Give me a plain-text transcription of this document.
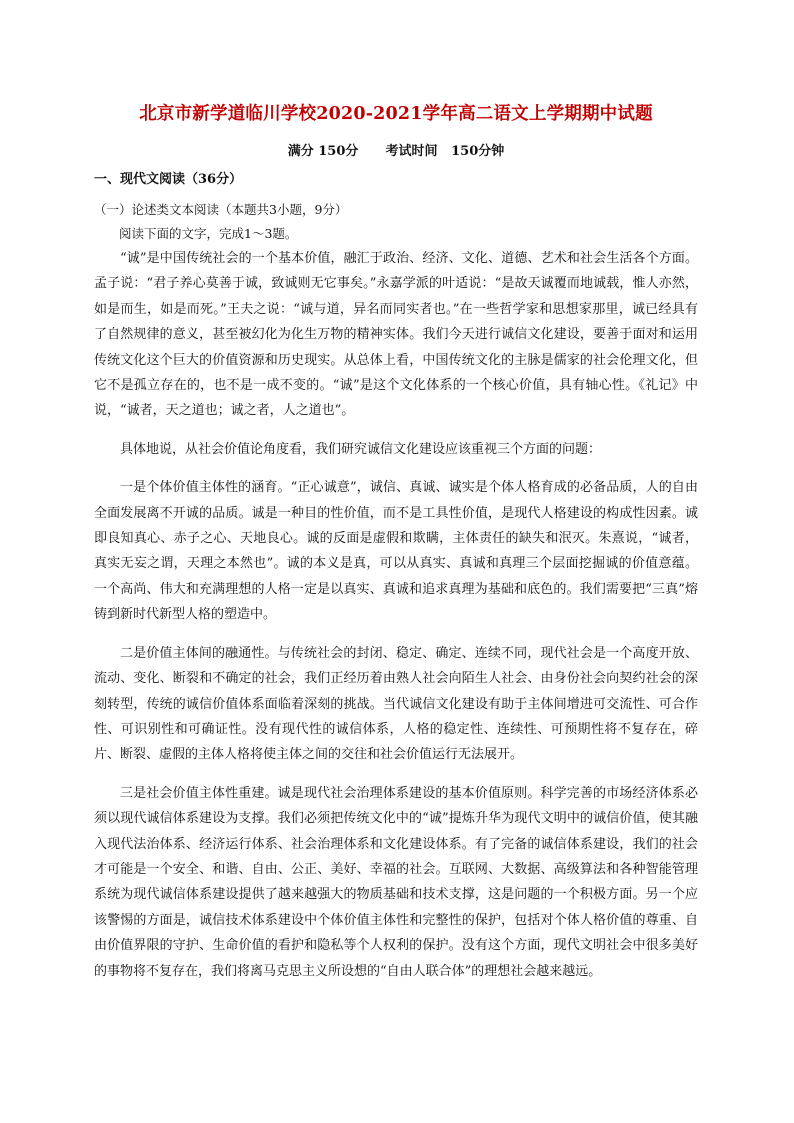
北京市新学道临川学校2020-2021学年高二语文上学期期中试题
满分 150分      考试时间   150分钟
一、现代文阅读（36分）
（一）论述类文本阅读（本题共3小题，9分）
阅读下面的文字，完成1～3题。

“诚”是中国传统社会的一个基本价值，融汇于政治、经济、文化、道德、艺术和社会生活各个方面。孟子说：“君子养心莫善于诚，致诚则无它事矣。”永嘉学派的叶适说：“是故天诚覆而地诚载，惟人亦然，如是而生，如是而死。”王夫之说：“诚与道，异名而同实者也。”在一些哲学家和思想家那里，诚已经具有了自然规律的意义，甚至被幻化为化生万物的精神实体。我们今天进行诚信文化建设，要善于面对和运用传统文化这个巨大的价值资源和历史现实。从总体上看，中国传统文化的主脉是儒家的社会伦理文化，但它不是孤立存在的，也不是一成不变的。“诚”是这个文化体系的一个核心价值，具有轴心性。《礼记》中说，“诚者，天之道也；诚之者，人之道也”。

具体地说，从社会价值论角度看，我们研究诚信文化建设应该重视三个方面的问题：

一是个体价值主体性的涵育。“正心诚意”，诚信、真诚、诚实是个体人格育成的必备品质，人的自由全面发展离不开诚的品质。诚是一种目的性价值，而不是工具性价值，是现代人格建设的构成性因素。诚即良知真心、赤子之心、天地良心。诚的反面是虚假和欺瞒，主体责任的缺失和泯灭。朱熹说，“诚者，真实无妄之谓，天理之本然也”。诚的本义是真，可以从真实、真诚和真理三个层面挖掘诚的价值意蕴。一个高尚、伟大和充满理想的人格一定是以真实、真诚和追求真理为基础和底色的。我们需要把“三真”熔铸到新时代新型人格的塑造中。

二是价值主体间的融通性。与传统社会的封闭、稳定、确定、连续不同，现代社会是一个高度开放、流动、变化、断裂和不确定的社会，我们正经历着由熟人社会向陌生人社会、由身份社会向契约社会的深刻转型，传统的诚信价值体系面临着深刻的挑战。当代诚信文化建设有助于主体间增进可交流性、可合作性、可识别性和可确证性。没有现代性的诚信体系，人格的稳定性、连续性、可预期性将不复存在，碎片、断裂、虚假的主体人格将使主体之间的交往和社会价值运行无法展开。

三是社会价值主体性重建。诚是现代社会治理体系建设的基本价值原则。科学完善的市场经济体系必须以现代诚信体系建设为支撑。我们必须把传统文化中的“诚”提炼升华为现代文明中的诚信价值，使其融入现代法治体系、经济运行体系、社会治理体系和文化建设体系。有了完备的诚信体系建设，我们的社会才可能是一个安全、和谐、自由、公正、美好、幸福的社会。互联网、大数据、高级算法和各种智能管理系统为现代诚信体系建设提供了越来越强大的物质基础和技术支撑，这是问题的一个积极方面。另一个应该警惕的方面是，诚信技术体系建设中个体价值主体性和完整性的保护，包括对个体人格价值的尊重、自由价值界限的守护、生命价值的看护和隐私等个人权利的保护。没有这个方面，现代文明社会中很多美好的事物将不复存在，我们将离马克思主义所设想的“自由人联合体”的理想社会越来越远。
